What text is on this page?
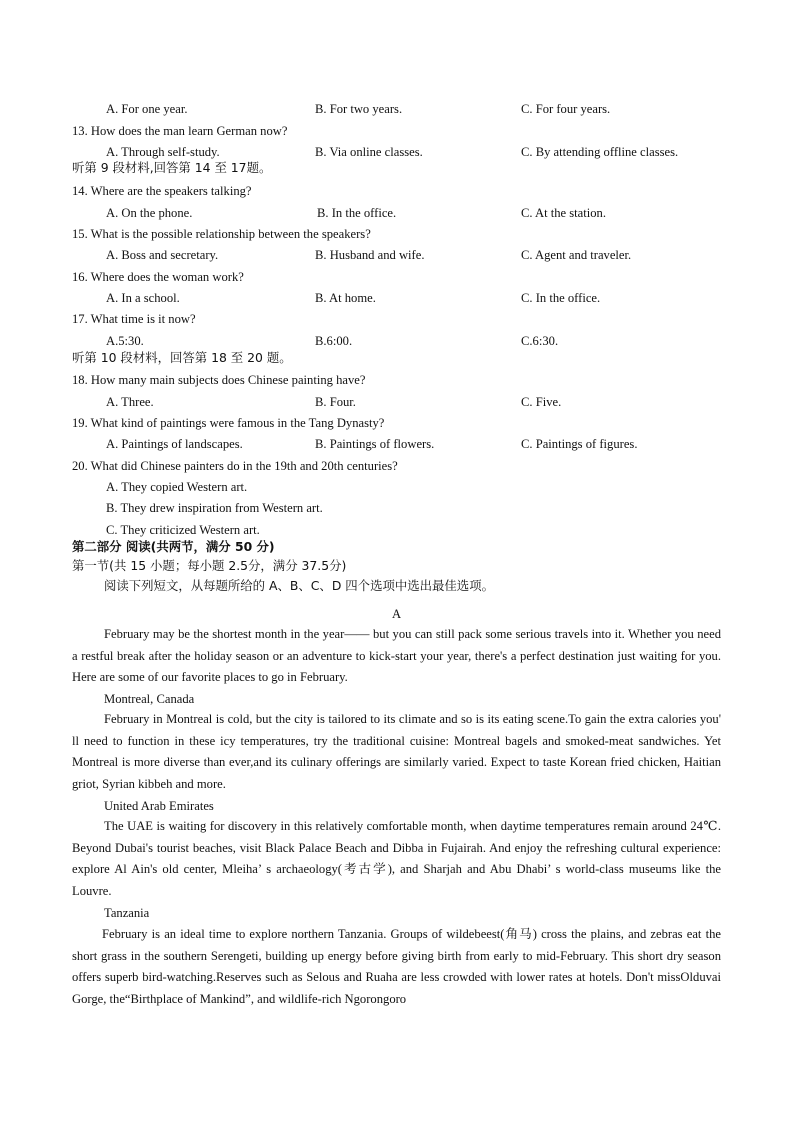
A. For one year.	B. For two years.	C. For four years.
13. How does the man learn German now?
A. Through self-study.	B. Via online classes.	C. By attending offline classes.
听第 9 段材料,回答第 14 至 17题。
14. Where are the speakers talking?
A. On the phone.	B. In the office.	C. At the station.
15. What is the possible relationship between the speakers?
A. Boss and secretary.	B. Husband and wife.	C. Agent and traveler.
16. Where does the woman work?
A. In a school.	B. At home.	C. In the office.
17. What time is it now?
A.5:30.	B.6:00.	C.6:30.
听第 10 段材料，回答第 18 至 20 题。
18. How many main subjects does Chinese painting have?
A. Three.	B. Four.	C. Five.
19. What kind of paintings were famous in the Tang Dynasty?
A. Paintings of landscapes.	B. Paintings of flowers.	C. Paintings of figures.
20. What did Chinese painters do in the 19th and 20th centuries?
A. They copied Western art.
B. They drew inspiration from Western art.
C. They criticized Western art.
第二部分 阅读(共两节，满分 50 分)
第一节(共 15 小题；每小题 2.5分，满分 37.5分)
阅读下列短文，从每题所给的 A、B、C、D 四个选项中选出最佳选项。
A
February may be the shortest month in the year—— but you can still pack some serious travels into it. Whether you need a restful break after the holiday season or an adventure to kick-start your year, there's a perfect destination just waiting for you. Here are some of our favorite places to go in February.
Montreal, Canada
February in Montreal is cold, but the city is tailored to its climate and so is its eating scene.To gain the extra calories you' ll need to function in these icy temperatures, try the traditional cuisine: Montreal bagels and smoked-meat sandwiches. Yet Montreal is more diverse than ever,and its culinary offerings are similarly varied. Expect to taste Korean fried chicken, Haitian griot, Syrian kibbeh and more.
United Arab Emirates
The UAE is waiting for discovery in this relatively comfortable month, when daytime temperatures remain around 24℃. Beyond Dubai's tourist beaches, visit Black Palace Beach and Dibba in Fujairah. And enjoy the refreshing cultural experience: explore Al Ain's old center, Mleiha’ s archaeology(考古学), and Sharjah and Abu Dhabi’ s world-class museums like the Louvre.
Tanzania
February is an ideal time to explore northern Tanzania. Groups of wildebeest(角马) cross the plains, and zebras eat the short grass in the southern Serengeti, building up energy before giving birth from early to mid-February. This short dry season offers superb bird-watching.Reserves such as Selous and Ruaha are less crowded with lower rates at hotels. Don't missOlduvai Gorge, the“Birthplace of Mankind”, and wildlife-rich Ngorongoro
